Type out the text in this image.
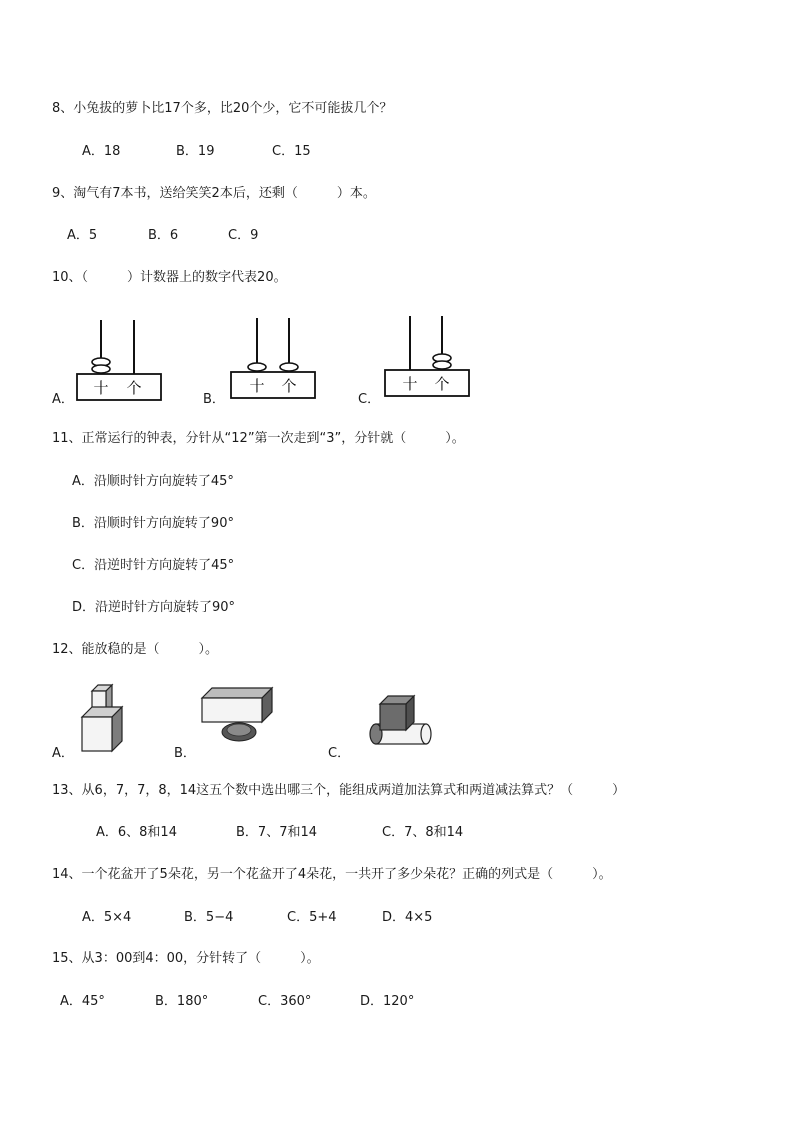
8、小兔拔的萝卜比17个多，比20个少，它不可能拔几个？
A．18	B．19	C．15
9、淘气有7本书，送给笑笑2本后，还剩（　　　）本。
A．5	B．6	C．9
10、（　　　）计数器上的数字代表20。
A．
十 个
B．
十 个
C．
十 个
11、正常运行的钟表，分针从“12”第一次走到“3”，分针就（　　　）。
A．沿顺时针方向旋转了45°
B．沿顺时针方向旋转了90°
C．沿逆时针方向旋转了45°
D．沿逆时针方向旋转了90°
12、能放稳的是（　　　）。
A．	B．	C．
13、从6，7，7，8，14这五个数中选出哪三个，能组成两道加法算式和两道减法算式？（　　　）
A．6、8和14	B．7、7和14	C．7、8和14
14、一个花盆开了5朵花，另一个花盆开了4朵花，一共开了多少朵花？正确的列式是（　　　）。
A．5×4	B．5−4	C．5+4	D．4×5
15、从3：00到4：00，分针转了（　　　）。
A．45°	B．180°	C．360°	D．120°
